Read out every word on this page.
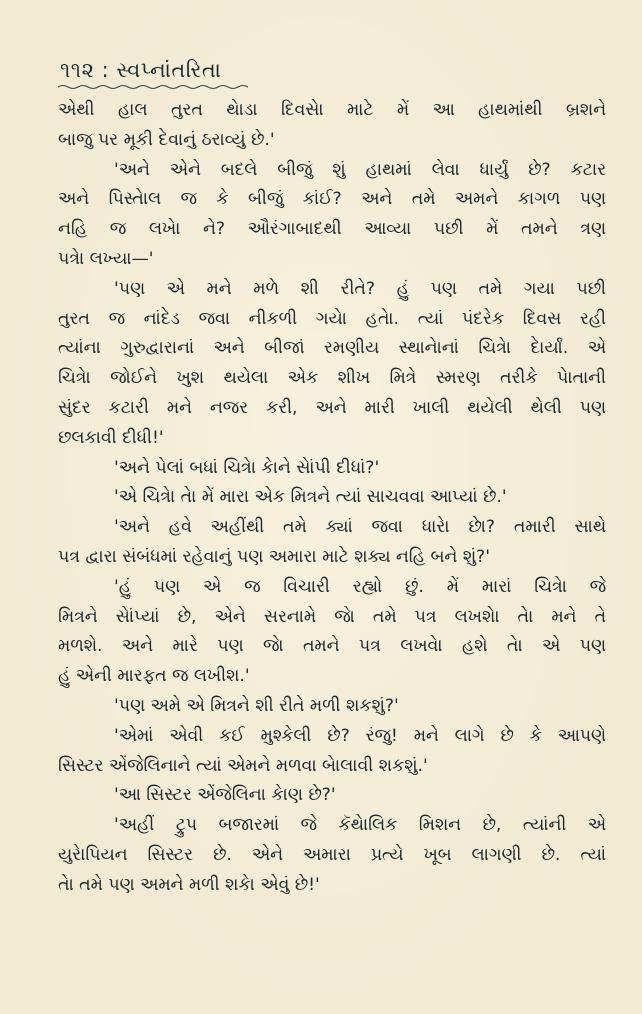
૧૧૨ : સ્વપ્નાંતરિતા
એથી હાલ તુરત થેાડા દિવસેા માટે મેં આ હાથમાંથી બ્રશને
બાજુ પર મૂકી દેવાનું ઠરાવ્યું છે.'
'અને એને બદલે બીજું શું હાથમાં લેવા ધાર્યું છે? કટાર
અને પિસ્તેાલ જ કે બીજું કાંઈ? અને તમે અમને કાગળ પણ
નહિ જ લખેા ને? ઔરંગાબાદથી આવ્યા પછી મેં તમને ત્રણ
પત્રેા લખ્યા—'
'પણ એ મને મળે શી રીતે? હું પણ તમે ગયા પછી
તુરત જ નાંદેડ જવા નીકળી ગયેા હતેા. ત્યાં પંદરેક દિવસ રહી
ત્યાંના ગુરુદ્વારાનાં અને બીજાં રમણીય સ્થાનેાનાં ચિત્રેા દેાર્યાં. એ
ચિત્રેા જોઈને ખુશ થયેલા એક શીખ મિત્રે સ્મરણ તરીકે પેાતાની
સુંદર કટારી મને નજર કરી, અને મારી ખાલી થયેલી થેલી પણ
છલકાવી દીધી!'
'અને પેલાં બધાં ચિત્રેા કેાને સેાંપી દીધાં?'
'એ ચિત્રેા તેા મેં મારા એક મિત્રને ત્યાં સાચવવા આપ્યાં છે.'
'અને હવે અહીંથી તમે ક્યાં જવા ધારેા છેા? તમારી સાથે
પત્ર દ્વારા સંબંધમાં રહેવાનું પણ અમારા માટે શક્ય નહિ બને શું?'
'હું પણ એ જ વિચારી રહ્યો છું. મેં મારાં ચિત્રેા જે
મિત્રને સેાંપ્યાં છે, એને સરનામે જેા તમે પત્ર લખશેા તેા મને તે
મળશે. અને મારે પણ જેા તમને પત્ર લખવેા હશે તેા એ પણ
હું એની મારફત જ લખીશ.'
'પણ અમે એ મિત્રને શી રીતે મળી શકશું?'
'એમાં એવી કઈ મુશ્કેલી છે? રંજુ! મને લાગે છે કે આપણે
સિસ્ટર એંજેલિનાને ત્યાં એમને મળવા બેાલાવી શકશું.'
'આ સિસ્ટર એંજેલિના કેાણ છે?'
'અહીં ટ્રુપ બજારમાં જે કૅથેાલિક મિશન છે, ત્યાંની એ
યુરેાપિયન સિસ્ટર છે. એને અમારા પ્રત્યે ખૂબ લાગણી છે. ત્યાં
તેા તમે પણ અમને મળી શકેા એવું છે!'
